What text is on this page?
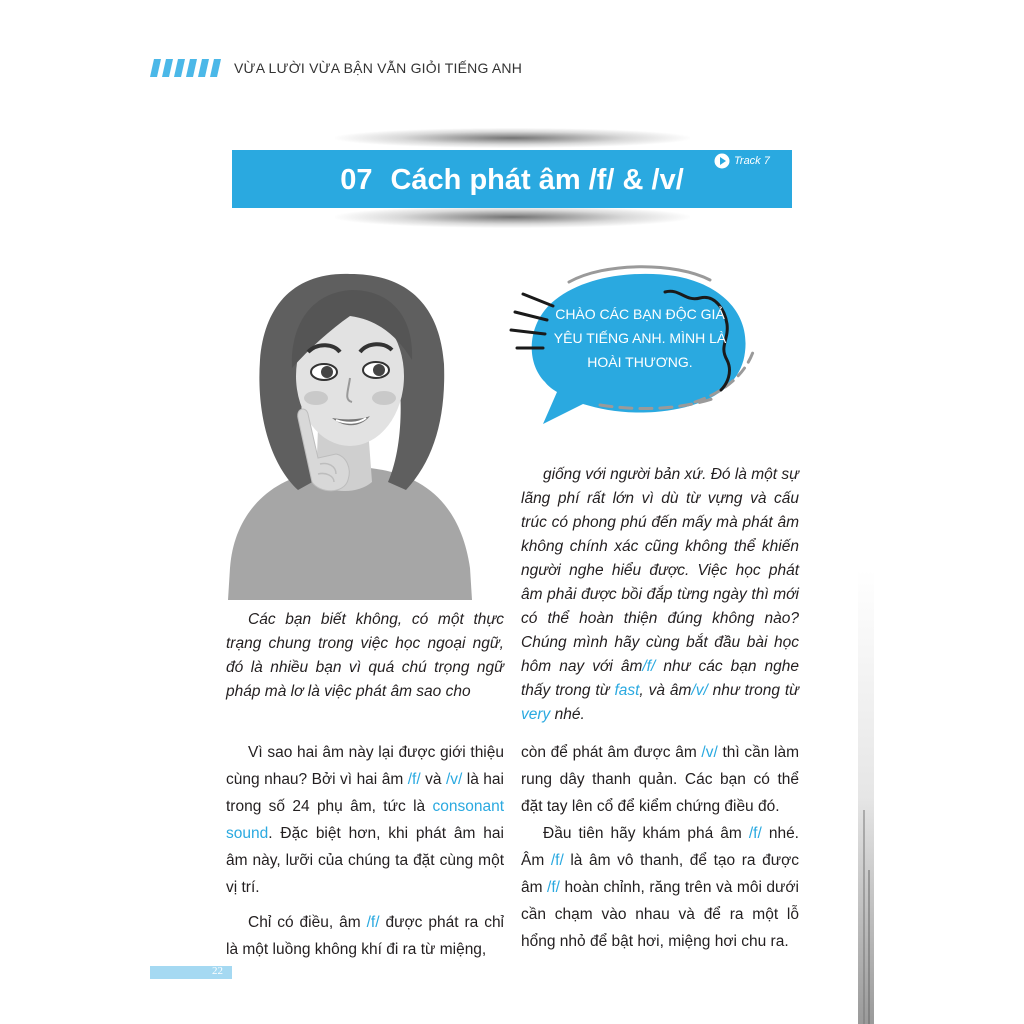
VỪA LƯỜI VỪA BẬN VẪN GIỎI TIẾNG ANH
07 Cách phát âm /f/ & /v/
Track 7
CHÀO CÁC BẠN ĐỘC GIẢ YÊU TIẾNG ANH. MÌNH LÀ HOÀI THƯƠNG.

giống với người bản xứ. Đó là một sự lãng phí rất lớn vì dù từ vựng và cấu trúc có phong phú đến mấy mà phát âm không chính xác cũng không thể khiến người nghe hiểu được. Việc học phát âm phải được bồi đắp từng ngày thì mới có thể hoàn thiện đúng không nào? Chúng mình hãy cùng bắt đầu bài học hôm nay với âm/f/ như các bạn nghe thấy trong từ fast, và âm/v/ như trong từ very nhé.

Các bạn biết không, có một thực trạng chung trong việc học ngoại ngữ, đó là nhiều bạn vì quá chú trọng ngữ pháp mà lơ là việc phát âm sao cho

Vì sao hai âm này lại được giới thiệu cùng nhau? Bởi vì hai âm /f/ và /v/ là hai trong số 24 phụ âm, tức là consonant sound. Đặc biệt hơn, khi phát âm hai âm này, lưỡi của chúng ta đặt cùng một vị trí.

Chỉ có điều, âm /f/ được phát ra chỉ là một luồng không khí đi ra từ miệng,

còn để phát âm được âm /v/ thì cần làm rung dây thanh quản. Các bạn có thể đặt tay lên cổ để kiểm chứng điều đó.

Đầu tiên hãy khám phá âm /f/ nhé. Âm /f/ là âm vô thanh, để tạo ra được âm /f/ hoàn chỉnh, răng trên và môi dưới cần chạm vào nhau và để ra một lỗ hổng nhỏ để bật hơi, miệng hơi chu ra.

22
